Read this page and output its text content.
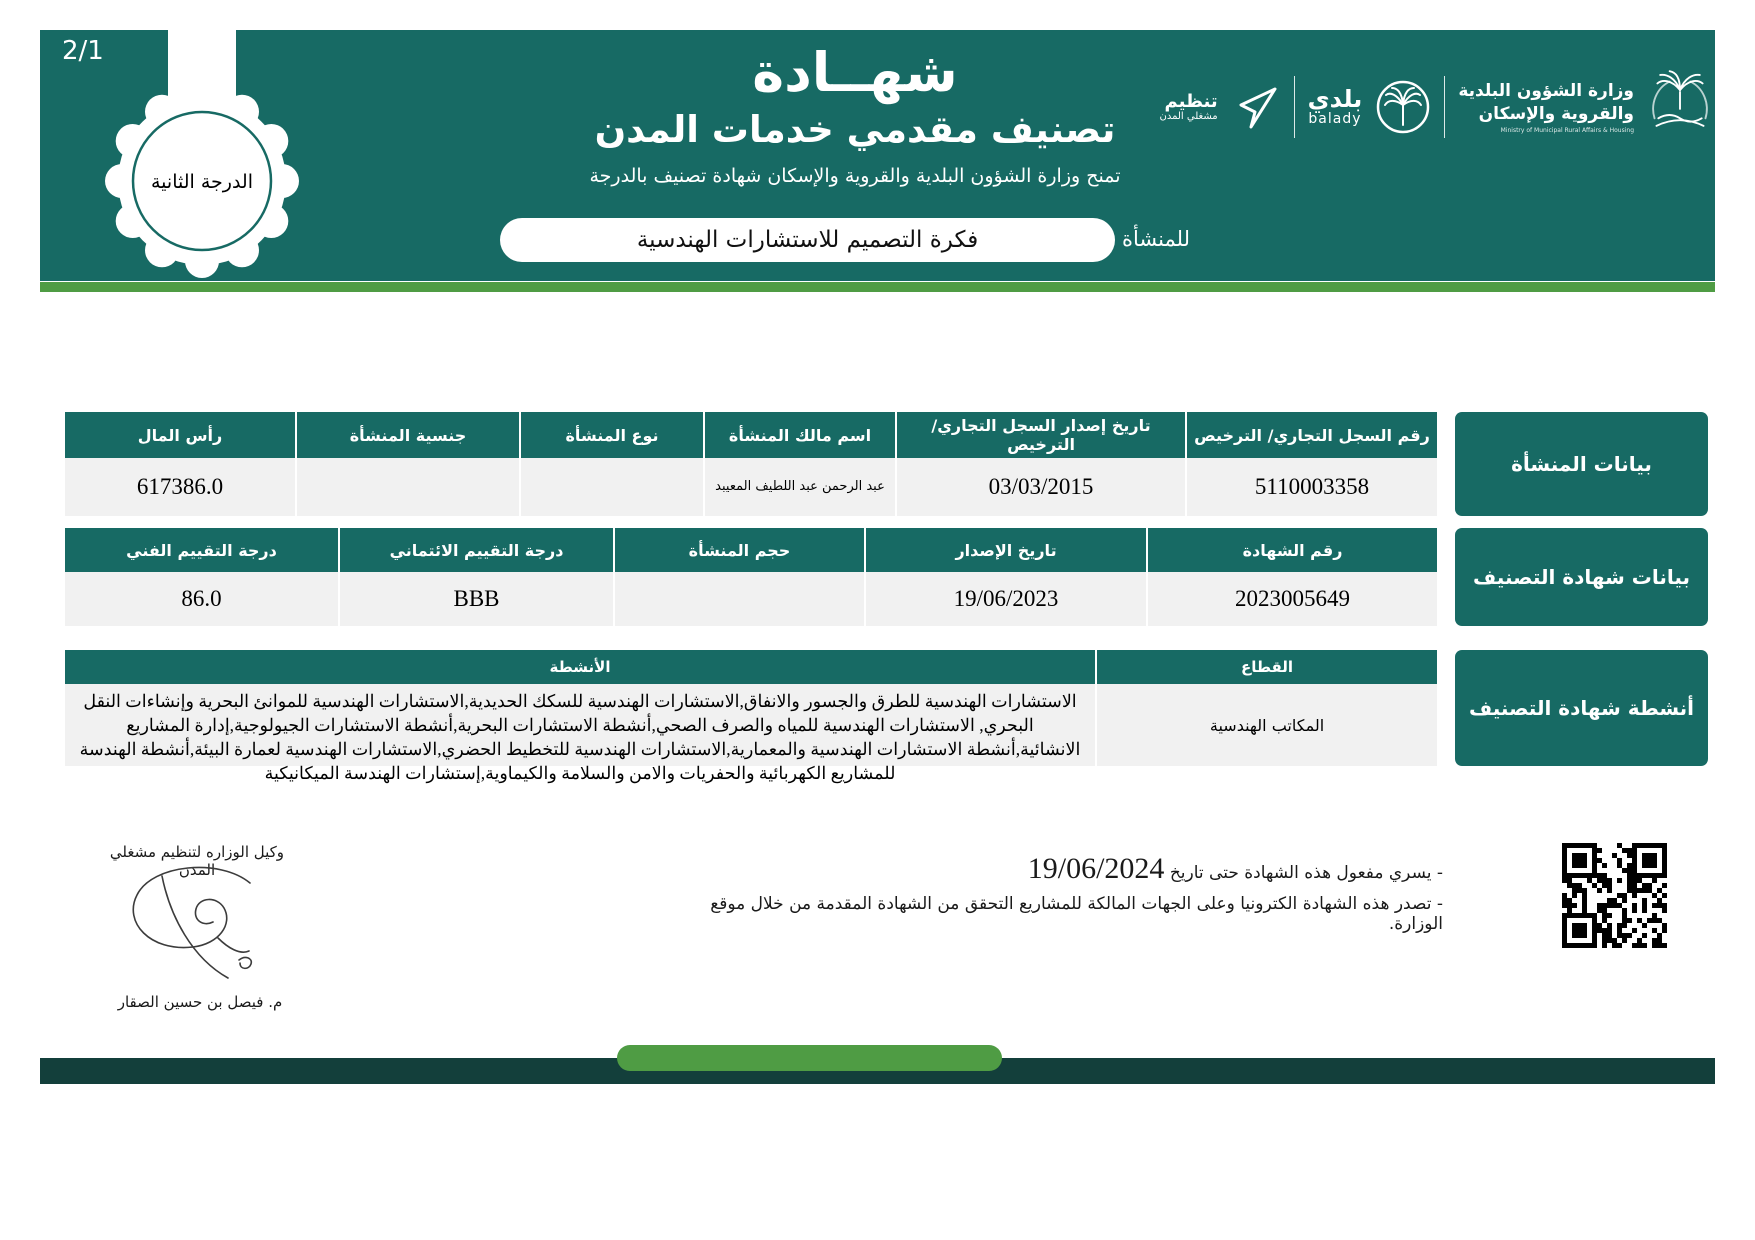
2/1
الدرجة الثانية
شهــادة
تصنيف مقدمي خدمات المدن
تمنح وزارة الشؤون البلدية والقروية والإسكان شهادة تصنيف بالدرجة
للمنشأة
فكرة التصميم للاستشارات الهندسية
وزارة الشؤون البلدية
والقروية والإسكان
Ministry of Municipal Rural Affairs & Housing
بلدي
balady
تنظيم
مشغلي المدن
رقم السجل التجاري/ الترخيص
تاريخ إصدار السجل التجاري/ الترخيص
اسم مالك المنشأة
نوع المنشأة
جنسية المنشأة
رأس المال
5110003358
03/03/2015
عبد الرحمن عبد اللطيف المعيبد
617386.0
بيانات المنشأة
رقم الشهادة
تاريخ الإصدار
حجم المنشأة
درجة التقييم الائتماني
درجة التقييم الفني
2023005649
19/06/2023
BBB
86.0
بيانات شهادة التصنيف
القطاع
الأنشطة
المكاتب الهندسية
الاستشارات الهندسية للطرق والجسور والانفاق,الاستشارات الهندسية للسكك الحديدية,الاستشارات الهندسية للموانئ البحرية وإنشاءات النقل البحري, الاستشارات الهندسية للمياه والصرف الصحي,أنشطة الاستشارات البحرية,أنشطة الاستشارات الجيولوجية,إدارة المشاريع الانشائية,أنشطة الاستشارات الهندسية والمعمارية,الاستشارات الهندسية للتخطيط الحضري,الاستشارات الهندسية لعمارة البيئة,أنشطة الهندسة للمشاريع الكهربائية والحفريات والامن والسلامة والكيماوية,إستشارات الهندسة الميكانيكية
أنشطة شهادة التصنيف
وكيل الوزاره لتنظيم مشغلي المدن
م. فيصل بن حسين الصقار
- يسري مفعول هذه الشهادة حتى تاريخ 19/06/2024
- تصدر هذه الشهادة الكترونيا وعلى الجهات المالكة للمشاريع التحقق من الشهادة المقدمة من خلال موقع الوزارة.
